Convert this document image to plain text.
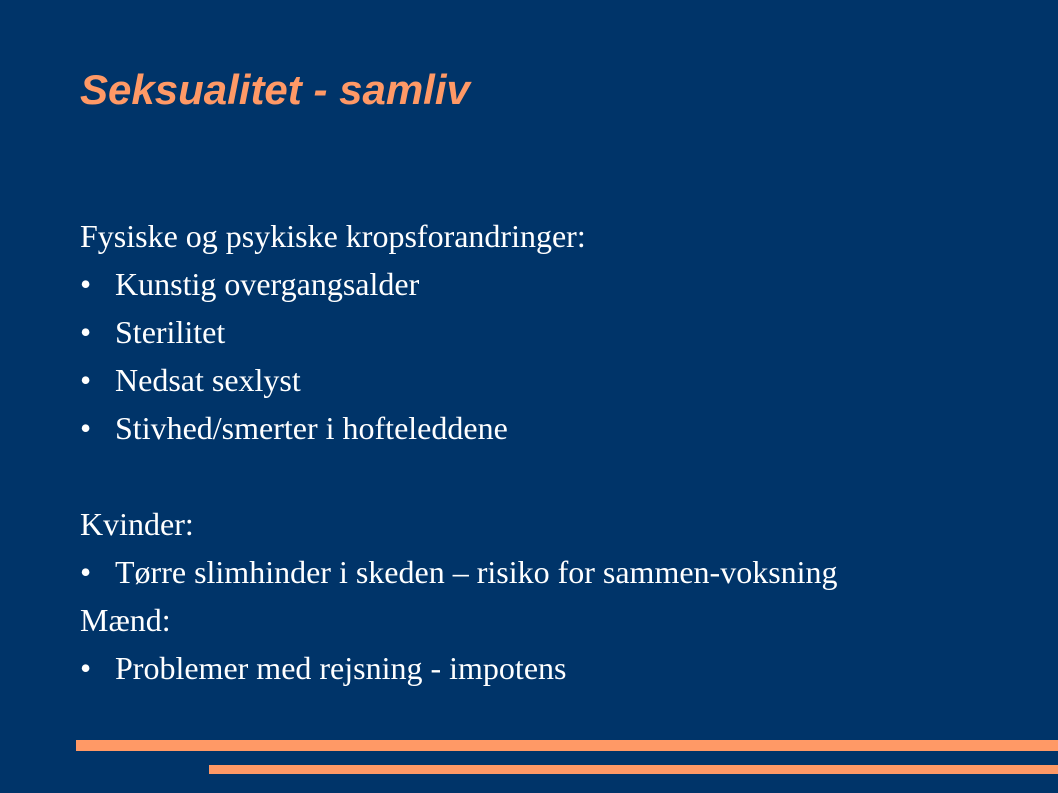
Seksualitet - samliv
Fysiske og psykiske kropsforandringer:
• Kunstig overgangsalder
• Sterilitet
• Nedsat sexlyst
• Stivhed/smerter i hofteleddene
Kvinder:
• Tørre slimhinder i skeden – risiko for sammen-voksning
Mænd:
• Problemer med rejsning - impotens
